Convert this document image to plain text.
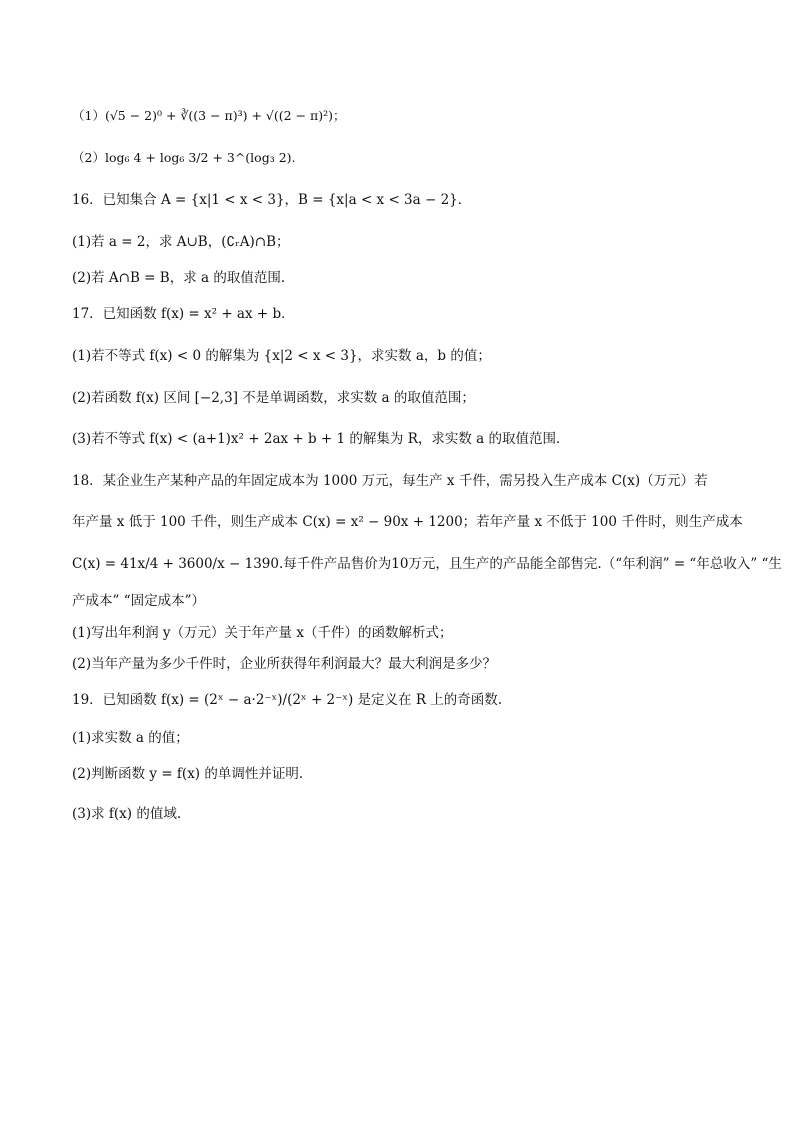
（1）(√5 − 2)⁰ + ∛((3 − π)³) + √((2 − π)²)；
（2）log₆ 4 + log₆ 3/2 + 3^(log₃ 2).
16．已知集合 A = {x|1 < x < 3}，B = {x|a < x < 3a − 2}．
(1)若 a = 2，求 A∪B，(∁ᵣA)∩B；
(2)若 A∩B = B，求 a 的取值范围.
17．已知函数 f(x) = x² + ax + b．
(1)若不等式 f(x) < 0 的解集为 {x|2 < x < 3}，求实数 a，b 的值；
(2)若函数 f(x) 区间 [−2,3] 不是单调函数，求实数 a 的取值范围；
(3)若不等式 f(x) < (a+1)x² + 2ax + b + 1 的解集为 R，求实数 a 的取值范围．
18．某企业生产某种产品的年固定成本为 1000 万元，每生产 x 千件，需另投入生产成本 C(x)（万元）若
年产量 x 低于 100 千件，则生产成本 C(x) = x² − 90x + 1200；若年产量 x 不低于 100 千件时，则生产成本
C(x) = 41x/4 + 3600/x − 1390.每千件产品售价为10万元，且生产的产品能全部售完.（“年利润” = “年总收入” “生
产成本” “固定成本”）
(1)写出年利润 y（万元）关于年产量 x（千件）的函数解析式；
(2)当年产量为多少千件时，企业所获得年利润最大？最大利润是多少？
19．已知函数 f(x) = (2ˣ − a·2⁻ˣ)/(2ˣ + 2⁻ˣ) 是定义在 R 上的奇函数.
(1)求实数 a 的值；
(2)判断函数 y = f(x) 的单调性并证明.
(3)求 f(x) 的值域.
